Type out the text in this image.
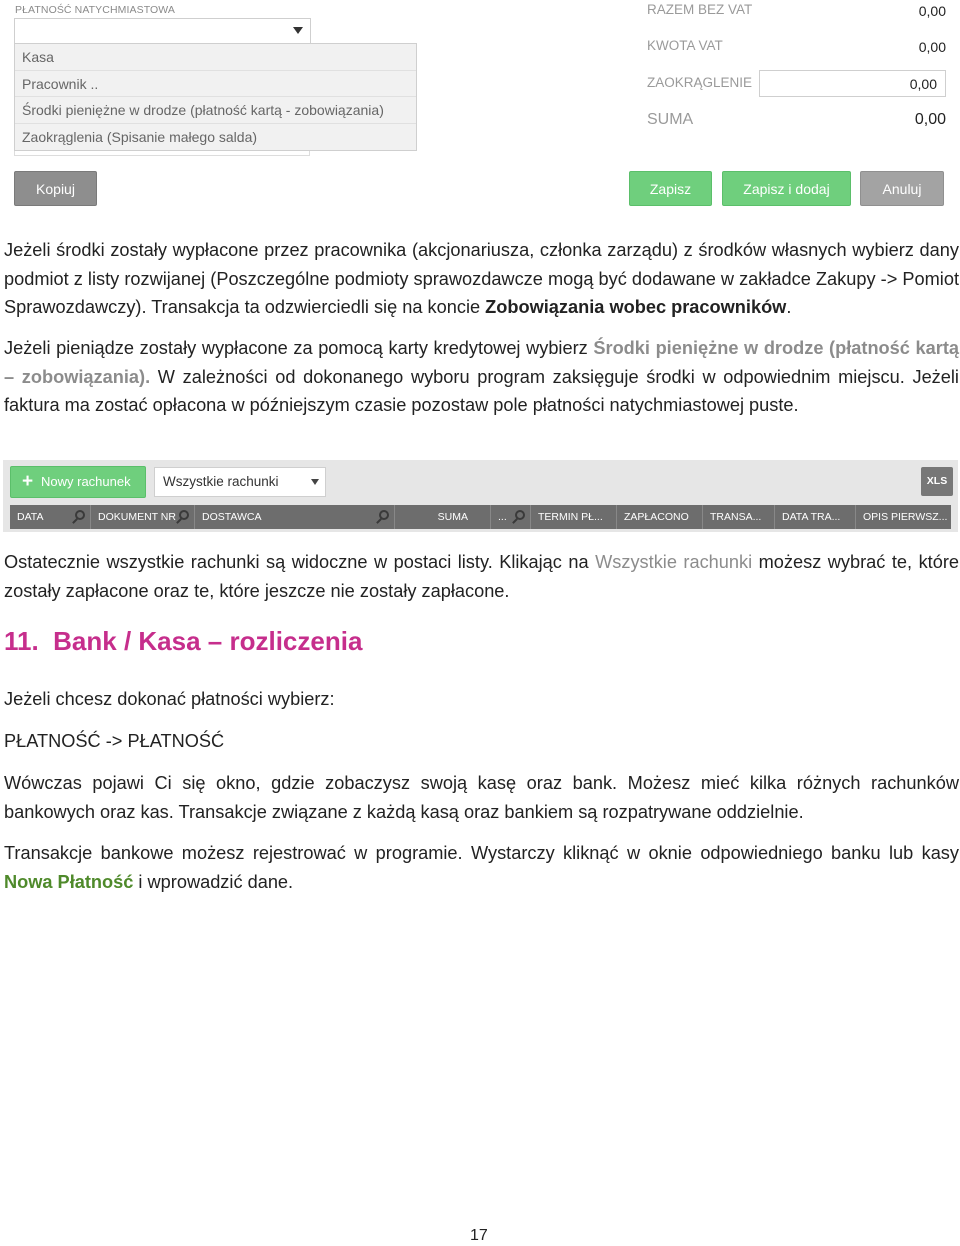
PŁATNOŚĆ NATYCHMIASTOWA
Kasa
Pracownik ..
Środki pieniężne w drodze (płatność kartą - zobowiązania)
Zaokrąglenia (Spisanie małego salda)
RAZEM BEZ VAT	0,00
KWOTA VAT	0,00
ZAOKRĄGLENIE	0,00
SUMA	0,00
Kopiuj	Zapisz	Zapisz i dodaj	Anuluj
Jeżeli środki zostały wypłacone przez pracownika (akcjonariusza, członka zarządu) z środków własnych wybierz dany podmiot z listy rozwijanej (Poszczególne podmioty sprawozdawcze mogą być dodawane w zakładce Zakupy -> Pomiot Sprawozdawczy). Transakcja ta odzwierciedli się na koncie Zobowiązania wobec pracowników.
Jeżeli pieniądze zostały wypłacone za pomocą karty kredytowej wybierz Środki pieniężne w drodze (płatność kartą – zobowiązania). W zależności od dokonanego wyboru program zaksięguje środki w odpowiednim miejscu. Jeżeli faktura ma zostać opłacona w późniejszym czasie pozostaw pole płatności natychmiastowej puste.
+ Nowy rachunek	Wszystkie rachunki	XLS
DATA	DOKUMENT NR	DOSTAWCA	SUMA	...	TERMIN PŁ...	ZAPŁACONO	TRANSA...	DATA TRA...	OPIS PIERWSZ...
Ostatecznie wszystkie rachunki są widoczne w postaci listy. Klikając na Wszystkie rachunki możesz wybrać te, które zostały zapłacone oraz te, które jeszcze nie zostały zapłacone.
11.  Bank / Kasa – rozliczenia
Jeżeli chcesz dokonać płatności wybierz:
PŁATNOŚĆ -> PŁATNOŚĆ
Wówczas pojawi Ci się okno, gdzie zobaczysz swoją kasę oraz bank. Możesz mieć kilka różnych rachunków bankowych oraz kas. Transakcje związane z każdą kasą oraz bankiem są rozpatrywane oddzielnie.
Transakcje bankowe możesz rejestrować w programie. Wystarczy kliknąć w oknie odpowiedniego banku lub kasy Nowa Płatność i wprowadzić dane.
17
